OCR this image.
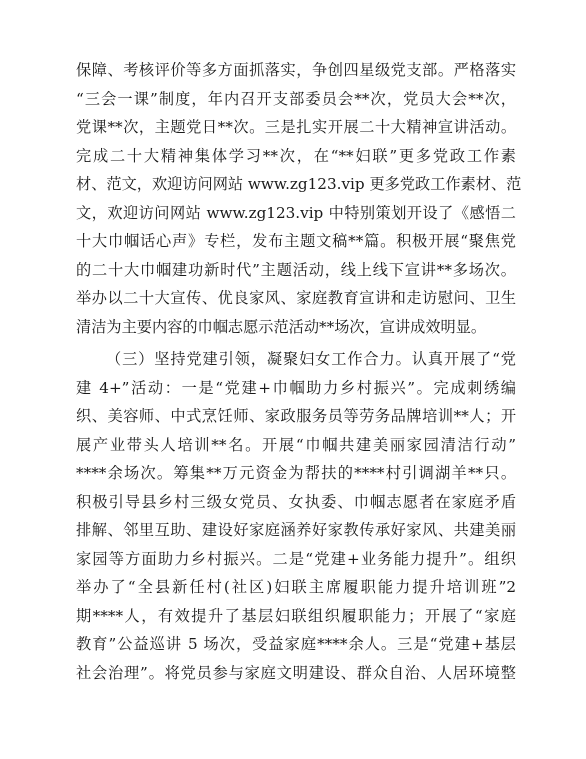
保障、考核评价等多方面抓落实，争创四星级党支部。严格落实
“三会一课”制度，年内召开支部委员会**次，党员大会**次，
党课**次，主题党日**次。三是扎实开展二十大精神宣讲活动。
完成二十大精神集体学习**次，在“**妇联”更多党政工作素
材、范文，欢迎访问网站 www.zg123.vip 更多党政工作素材、范
文，欢迎访问网站 www.zg123.vip 中特别策划开设了《感悟二
十大巾帼话心声》专栏，发布主题文稿**篇。积极开展“聚焦党
的二十大巾帼建功新时代”主题活动，线上线下宣讲**多场次。
举办以二十大宣传、优良家风、家庭教育宣讲和走访慰问、卫生
清洁为主要内容的巾帼志愿示范活动**场次，宣讲成效明显。
（三）坚持党建引领，凝聚妇女工作合力。认真开展了“党
建 4+”活动：一是“党建+巾帼助力乡村振兴”。完成刺绣编
织、美容师、中式烹饪师、家政服务员等劳务品牌培训**人；开
展产业带头人培训**名。开展“巾帼共建美丽家园清洁行动”
****余场次。筹集**万元资金为帮扶的****村引调湖羊**只。
积极引导县乡村三级女党员、女执委、巾帼志愿者在家庭矛盾
排解、邻里互助、建设好家庭涵养好家教传承好家风、共建美丽
家园等方面助力乡村振兴。二是“党建+业务能力提升”。组织
举办了“全县新任村(社区)妇联主席履职能力提升培训班”2
期****人，有效提升了基层妇联组织履职能力；开展了“家庭
教育”公益巡讲 5 场次，受益家庭****余人。三是“党建+基层
社会治理”。将党员参与家庭文明建设、群众自治、人居环境整
